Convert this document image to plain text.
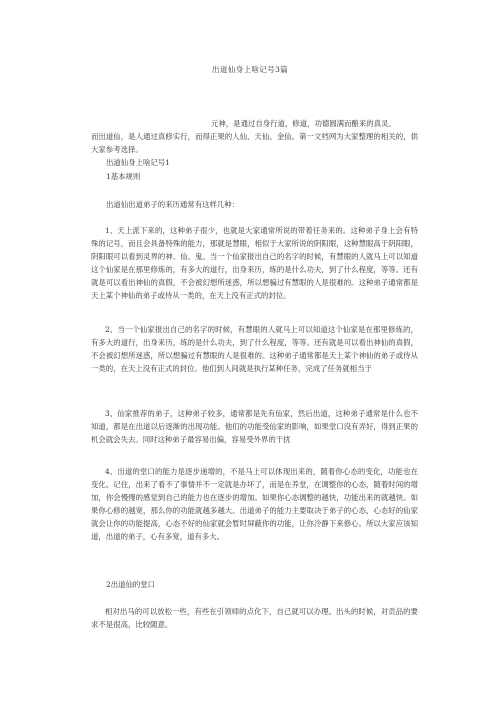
出道仙身上啥记号3篇
元神，是通过自身行道，修道，功德圆满而酿来的真灵。
而出道仙，是人通过真修实行，而得正果的人仙、天仙、金仙。第一文档网为大家整理的相关的，供大家参考选择。
出道仙身上啥记号1
1基本规则
出道仙出道弟子的来历通常有这样几种：
1、天上派下来的，这种弟子很少，也就是大家通常所说的带着任务来的。这种弟子身上会有特殊的记号，而且会具备特殊的能力，那就是慧眼，相似于大家所说的阴阳眼，这种慧眼高于阴阳眼，阴阳眼可以看到灵界的神、仙、鬼。当一个仙家报出自己的名字的时候，有慧眼的人就马上可以知道这个仙家是在那里修炼的，有多大的道行，出身来历，练的是什么功夫，到了什么程度，等等。还有就是可以看出神仙的真假，不会被幻想所迷惑，所以想骗过有慧眼的人是很难的。这种弟子通常都是天上某个神仙的弟子或侍从一类的，在天上没有正式的封位。
2、当一个仙家报出自己的名字的时候，有慧眼的人就马上可以知道这个仙家是在那里修炼的，有多大的道行，出身来历，练的是什么功夫，到了什么程度，等等。还有就是可以看出神仙的真假，不会被幻想所迷惑，所以想骗过有慧眼的人是很难的。这种弟子通常都是天上某个神仙的弟子或侍从一类的，在天上没有正式的封位。他们到人间就是执行某种任务，完成了任务就相当于
3、仙家推荐的弟子，这种弟子较多，通常都是先有仙家，然后出道，这种弟子通常是什么也不知道，都是在出道以后逐渐的出现功能。他们的功能受仙家的影响，如果堂口没有弄好，得到正果的机会就会失去。同时这种弟子最容易出偏，容易受外界的干扰
4、出道的堂口的能力是逐步递增的，不是马上可以体现出来的，随着你心态的变化，功能也在变化。记住，出来了看不了事情并不一定就是办坏了，而是在养堂，在调整你的心态，随着时间的增加，你会慢慢的感觉到自己的能力也在逐步的增加。如果你心态调整的越快，功能出来的就越快。如果你心修的越宽，那么你的功能就越多越大。出道弟子的能力主要取决于弟子的心态，心态好的仙家就会让你的功能提高，心态不好的仙家就会暂时屏蔽你的功能，让你冷静下来修心。所以大家应该知道，出道的弟子，心有多宽，道有多大。
2出道仙的堂口
相对出马的可以放松一些，有些在引领师的点化下，自己就可以办理。出头的时候，对贡品的要求不是很高，比较随意。
